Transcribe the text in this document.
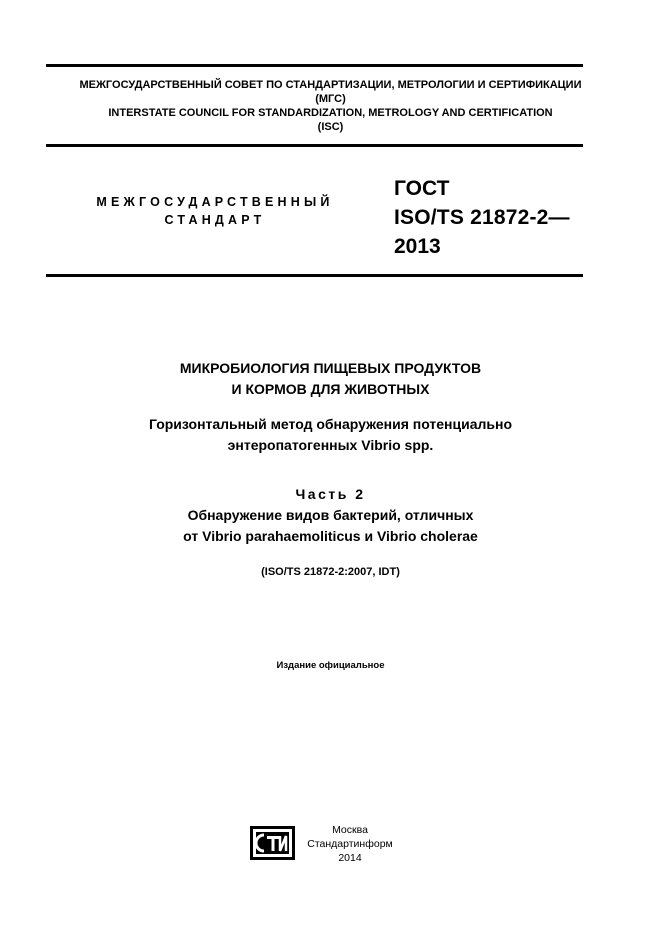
МЕЖГОСУДАРСТВЕННЫЙ СОВЕТ ПО СТАНДАРТИЗАЦИИ, МЕТРОЛОГИИ И СЕРТИФИКАЦИИ
(МГС)
INTERSTATE COUNCIL FOR STANDARDIZATION, METROLOGY AND CERTIFICATION
(ISC)
МЕЖГОСУДАРСТВЕННЫЙ
СТАНДАРТ
ГОСТ
ISO/TS 21872-2—
2013
МИКРОБИОЛОГИЯ ПИЩЕВЫХ ПРОДУКТОВ
И КОРМОВ ДЛЯ ЖИВОТНЫХ
Горизонтальный метод обнаружения потенциально
энтеропатогенных Vibrio spp.
Часть 2
Обнаружение видов бактерий, отличных
от Vibrio parahaemoliticus и Vibrio cholerae
(ISO/TS 21872-2:2007, IDT)
Издание официальное
Москва
Стандартинформ
2014
